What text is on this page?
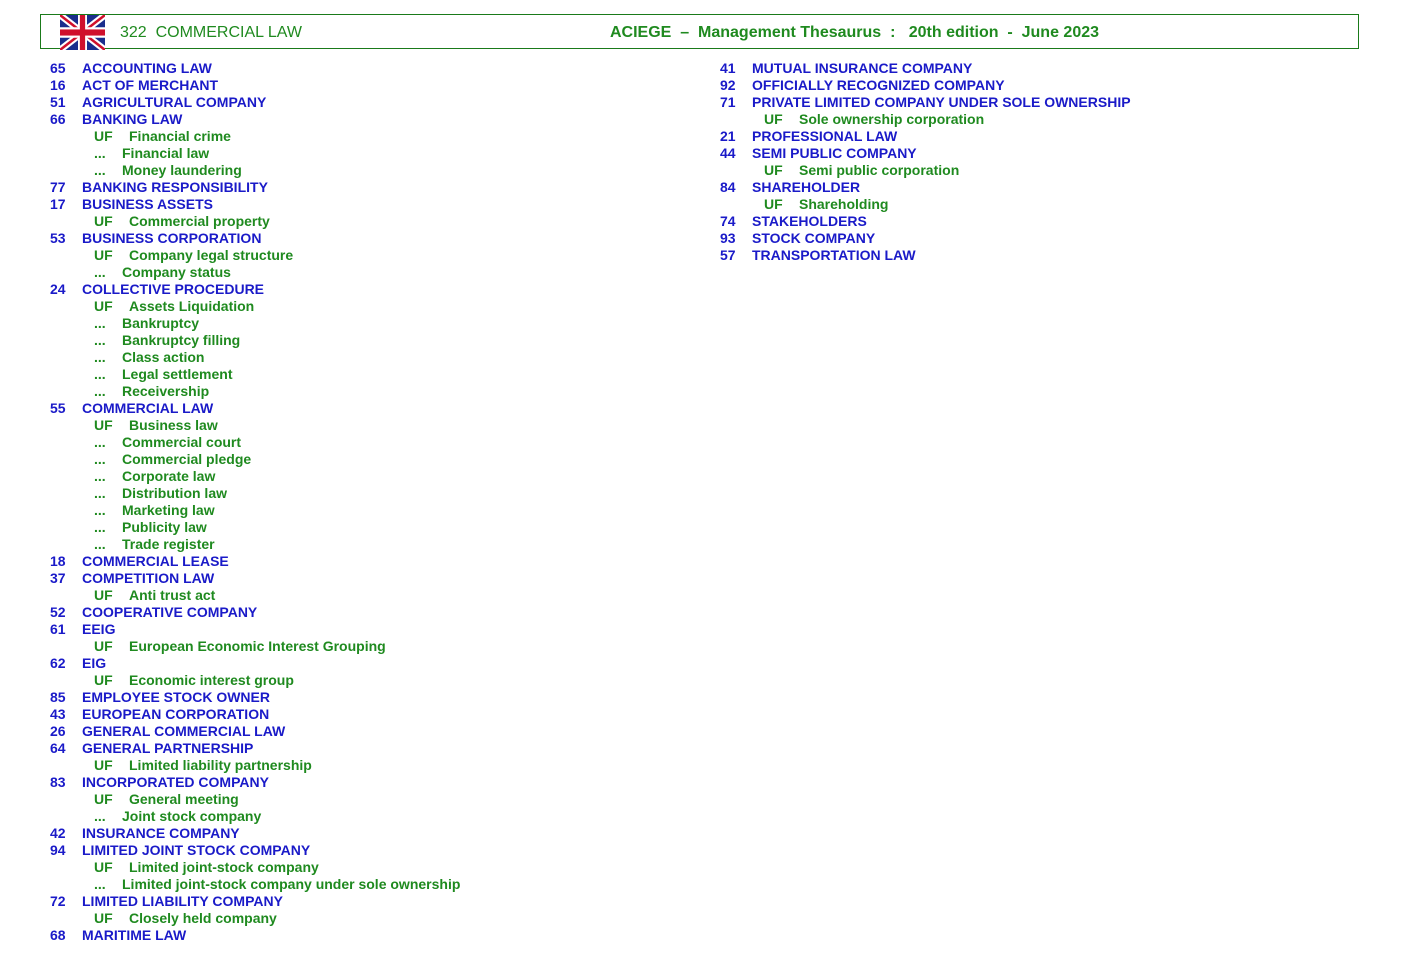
322  COMMERCIAL LAW	ACIEGE  –  Management Thesaurus  :   20th edition  -  June 2023
65 ACCOUNTING LAW
16 ACT OF MERCHANT
51 AGRICULTURAL COMPANY
66 BANKING LAW
UF Financial crime
... Financial law
... Money laundering
77 BANKING RESPONSIBILITY
17 BUSINESS ASSETS
UF Commercial property
53 BUSINESS CORPORATION
UF Company legal structure
... Company status
24 COLLECTIVE PROCEDURE
UF Assets Liquidation
... Bankruptcy
... Bankruptcy filling
... Class action
... Legal settlement
... Receivership
55 COMMERCIAL LAW
UF Business law
... Commercial court
... Commercial pledge
... Corporate law
... Distribution law
... Marketing law
... Publicity law
... Trade register
18 COMMERCIAL LEASE
37 COMPETITION LAW
UF Anti trust act
52 COOPERATIVE COMPANY
61 EEIG
UF European Economic Interest Grouping
62 EIG
UF Economic interest group
85 EMPLOYEE STOCK OWNER
43 EUROPEAN CORPORATION
26 GENERAL COMMERCIAL LAW
64 GENERAL PARTNERSHIP
UF Limited liability partnership
83 INCORPORATED COMPANY
UF General meeting
... Joint stock company
42 INSURANCE COMPANY
94 LIMITED JOINT STOCK COMPANY
UF Limited joint-stock company
... Limited joint-stock company under sole ownership
72 LIMITED LIABILITY COMPANY
UF Closely held company
68 MARITIME LAW
41 MUTUAL INSURANCE COMPANY
92 OFFICIALLY RECOGNIZED COMPANY
71 PRIVATE LIMITED COMPANY UNDER SOLE OWNERSHIP
UF Sole ownership corporation
21 PROFESSIONAL LAW
44 SEMI PUBLIC COMPANY
UF Semi public corporation
84 SHAREHOLDER
UF Shareholding
74 STAKEHOLDERS
93 STOCK COMPANY
57 TRANSPORTATION LAW
